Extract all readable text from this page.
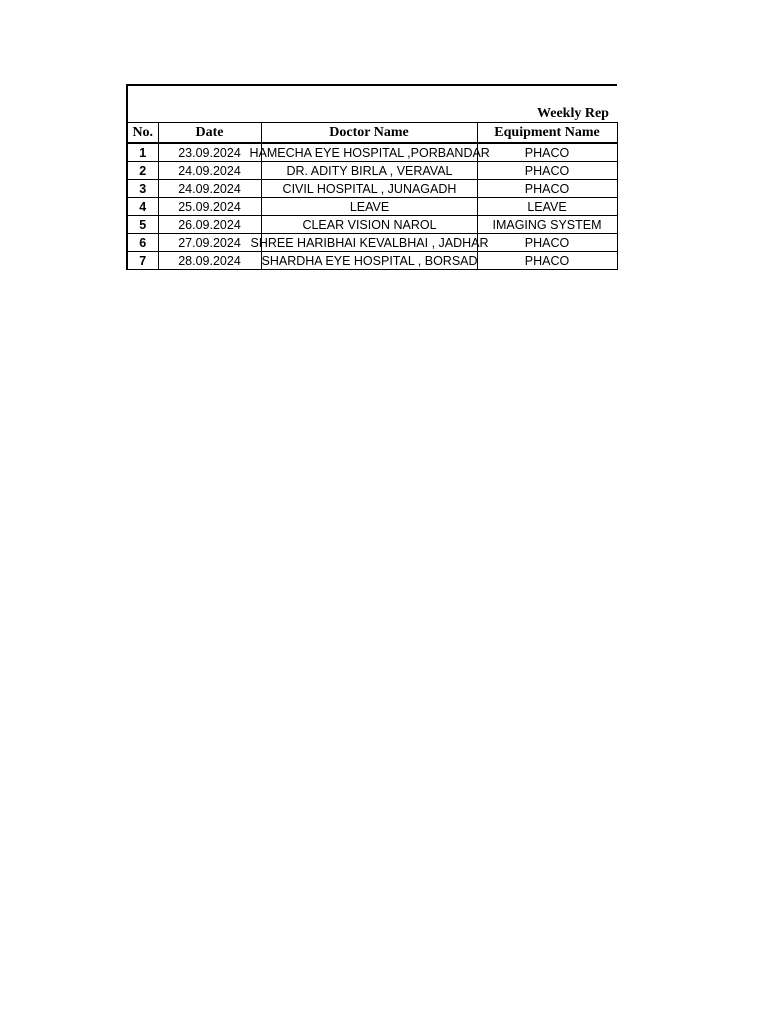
Weekly Rep			
No.	Date	Doctor Name	Equipment Name
1	23.09.2024	HAMECHA EYE HOSPITAL ,PORBANDAR	PHACO
2	24.09.2024	DR. ADITY BIRLA , VERAVAL	PHACO
3	24.09.2024	CIVIL HOSPITAL , JUNAGADH	PHACO
4	25.09.2024	LEAVE	LEAVE
5	26.09.2024	CLEAR VISION NAROL	IMAGING SYSTEM
6	27.09.2024	SHREE HARIBHAI KEVALBHAI , JADHAR	PHACO
7	28.09.2024	SHARDHA EYE HOSPITAL , BORSAD	PHACO
